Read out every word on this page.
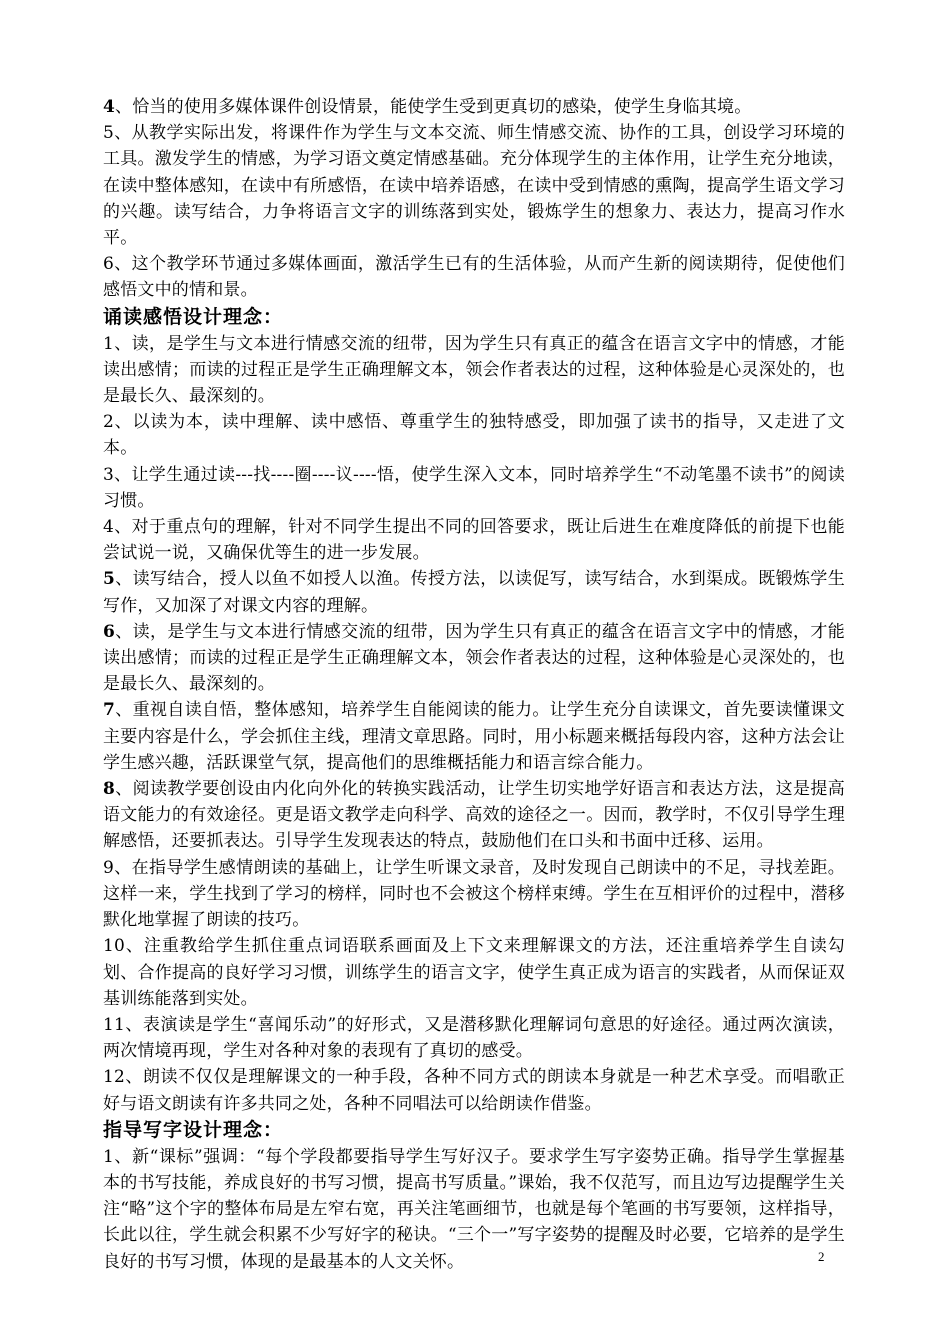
4、恰当的使用多媒体课件创设情景，能使学生受到更真切的感染，使学生身临其境。

5、从教学实际出发，将课件作为学生与文本交流、师生情感交流、协作的工具，创设学习环境的工具。激发学生的情感，为学习语文奠定情感基础。充分体现学生的主体作用，让学生充分地读，在读中整体感知，在读中有所感悟，在读中培养语感，在读中受到情感的熏陶，提高学生语文学习的兴趣。读写结合，力争将语言文字的训练落到实处，锻炼学生的想象力、表达力，提高习作水平。

6、这个教学环节通过多媒体画面，激活学生已有的生活体验，从而产生新的阅读期待，促使他们感悟文中的情和景。

诵读感悟设计理念：

1、读，是学生与文本进行情感交流的纽带，因为学生只有真正的蕴含在语言文字中的情感，才能读出感情；而读的过程正是学生正确理解文本，领会作者表达的过程，这种体验是心灵深处的，也是最长久、最深刻的。

2、以读为本，读中理解、读中感悟、尊重学生的独特感受，即加强了读书的指导，又走进了文本。

3、让学生通过读---找----圈----议----悟，使学生深入文本，同时培养学生“不动笔墨不读书”的阅读习惯。

4、对于重点句的理解，针对不同学生提出不同的回答要求，既让后进生在难度降低的前提下也能尝试说一说，又确保优等生的进一步发展。

5、读写结合，授人以鱼不如授人以渔。传授方法，以读促写，读写结合，水到渠成。既锻炼学生写作，又加深了对课文内容的理解。

6、读，是学生与文本进行情感交流的纽带，因为学生只有真正的蕴含在语言文字中的情感，才能读出感情；而读的过程正是学生正确理解文本，领会作者表达的过程，这种体验是心灵深处的，也是最长久、最深刻的。

7、重视自读自悟，整体感知，培养学生自能阅读的能力。让学生充分自读课文，首先要读懂课文主要内容是什么，学会抓住主线，理清文章思路。同时，用小标题来概括每段内容，这种方法会让学生感兴趣，活跃课堂气氛，提高他们的思维概括能力和语言综合能力。

8、阅读教学要创设由内化向外化的转换实践活动，让学生切实地学好语言和表达方法，这是提高语文能力的有效途径。更是语文教学走向科学、高效的途径之一。因而，教学时，不仅引导学生理解感悟，还要抓表达。引导学生发现表达的特点，鼓励他们在口头和书面中迁移、运用。

9、在指导学生感情朗读的基础上，让学生听课文录音，及时发现自己朗读中的不足，寻找差距。这样一来，学生找到了学习的榜样，同时也不会被这个榜样束缚。学生在互相评价的过程中，潜移默化地掌握了朗读的技巧。

10、注重教给学生抓住重点词语联系画面及上下文来理解课文的方法，还注重培养学生自读勾划、合作提高的良好学习习惯，训练学生的语言文字，使学生真正成为语言的实践者，从而保证双基训练能落到实处。

11、表演读是学生“喜闻乐动”的好形式，又是潜移默化理解词句意思的好途径。通过两次演读，两次情境再现，学生对各种对象的表现有了真切的感受。

12、朗读不仅仅是理解课文的一种手段，各种不同方式的朗读本身就是一种艺术享受。而唱歌正好与语文朗读有许多共同之处，各种不同唱法可以给朗读作借鉴。

指导写字设计理念：

1、新“课标”强调：“每个学段都要指导学生写好汉子。要求学生写字姿势正确。指导学生掌握基本的书写技能，养成良好的书写习惯，提高书写质量。”课始，我不仅范写，而且边写边提醒学生关注“略”这个字的整体布局是左窄右宽，再关注笔画细节，也就是每个笔画的书写要领，这样指导，长此以往，学生就会积累不少写好字的秘诀。“三个一”写字姿势的提醒及时必要，它培养的是学生良好的书写习惯，体现的是最基本的人文关怀。	2
